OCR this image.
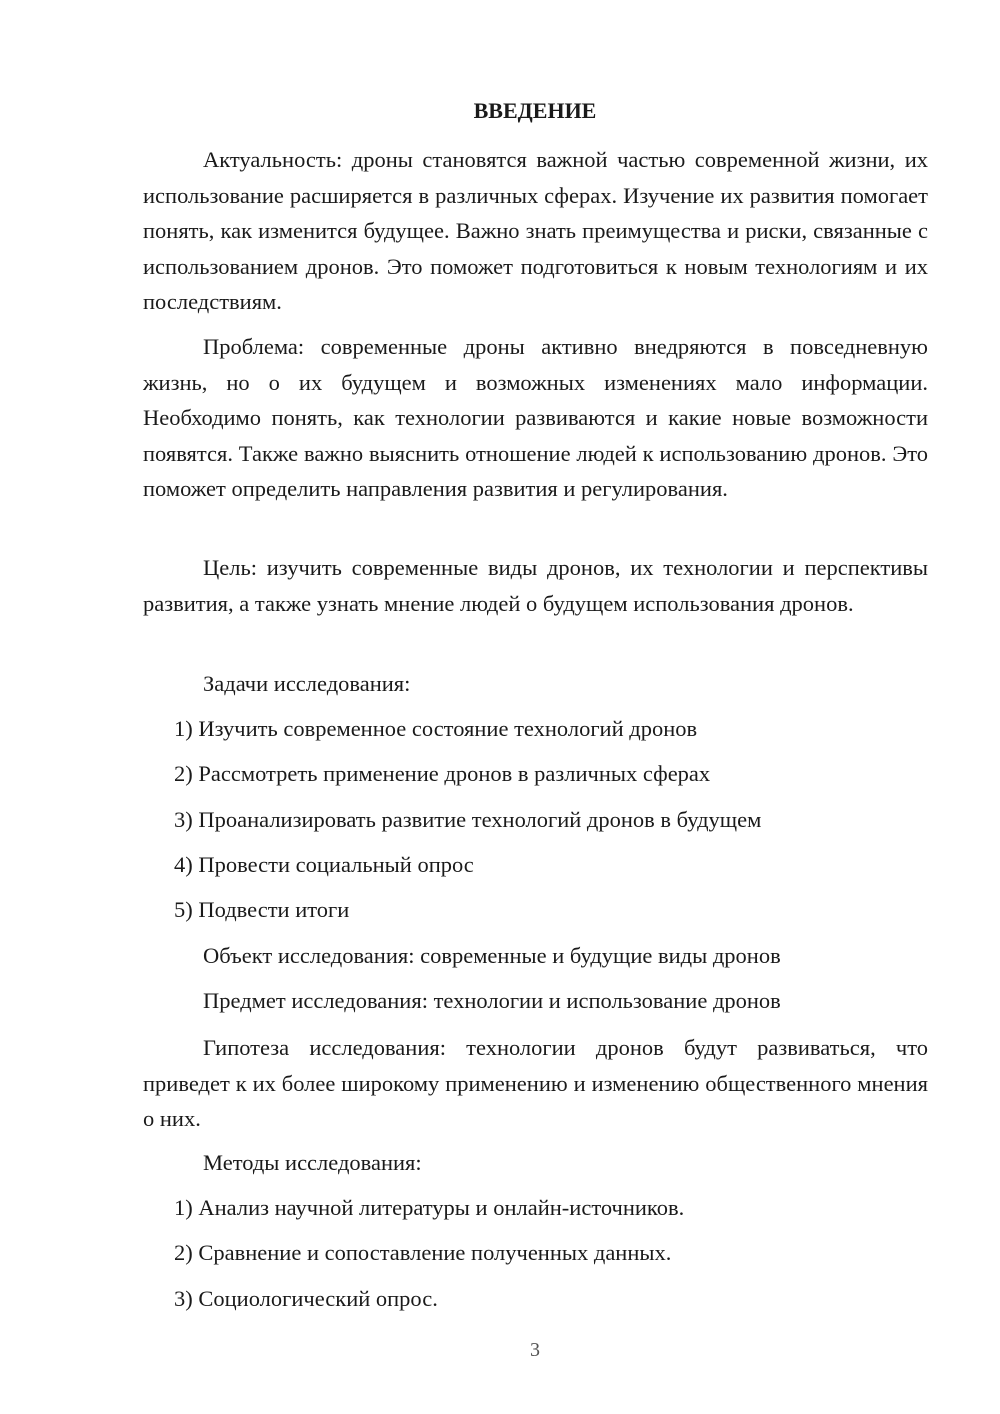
ВВЕДЕНИЕ

Актуальность: дроны становятся важной частью современной жизни, их использование расширяется в различных сферах. Изучение их развития помогает понять, как изменится будущее. Важно знать преимущества и риски, связанные с использованием дронов. Это поможет подготовиться к новым технологиям и их последствиям.

Проблема: современные дроны активно внедряются в повседневную жизнь, но о их будущем и возможных изменениях мало информации. Необходимо понять, как технологии развиваются и какие новые возможности появятся. Также важно выяснить отношение людей к использованию дронов. Это поможет определить направления развития и регулирования.

Цель: изучить современные виды дронов, их технологии и перспективы развития, а также узнать мнение людей о будущем использования дронов.

Задачи исследования:

1) Изучить современное состояние технологий дронов

2) Рассмотреть применение дронов в различных сферах

3) Проанализировать развитие технологий дронов в будущем

4) Провести социальный опрос

5) Подвести итоги

Объект исследования: современные и будущие виды дронов

Предмет исследования: технологии и использование дронов

Гипотеза исследования: технологии дронов будут развиваться, что приведет к их более широкому применению и изменению общественного мнения о них.

Методы исследования:

1) Анализ научной литературы и онлайн-источников.

2) Сравнение и сопоставление полученных данных.

3) Социологический опрос.

3
